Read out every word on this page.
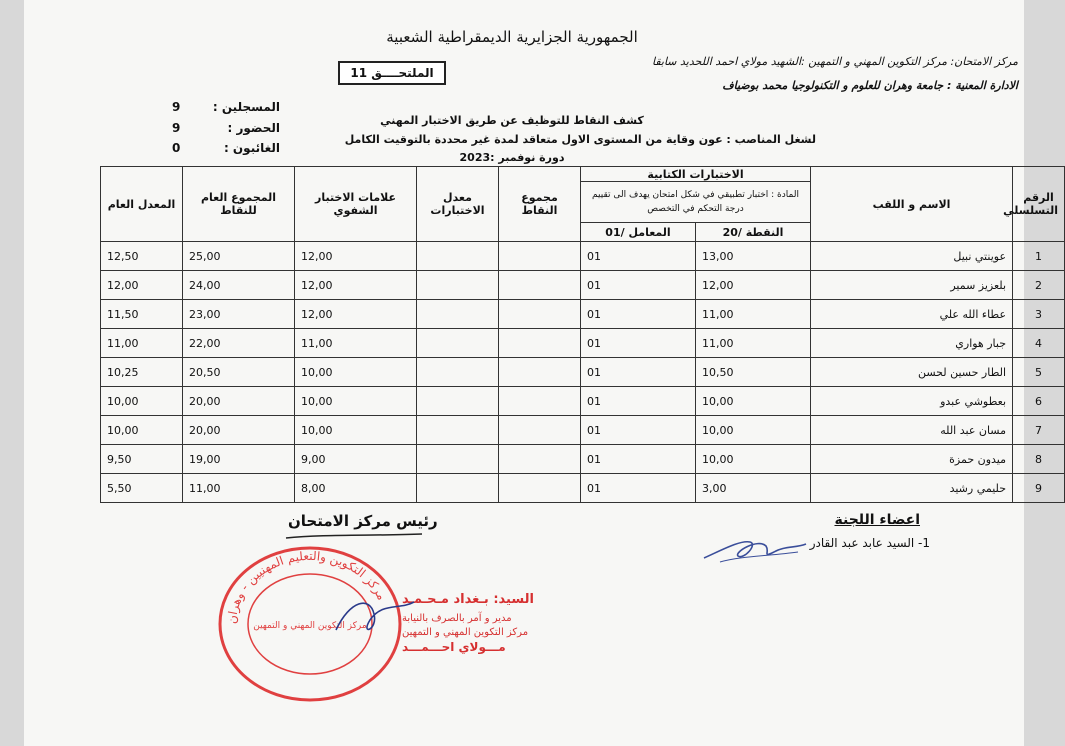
الجمهورية الجزايرية الديمقراطية الشعبية
مركز الامتحان: مركز التكوين المهني و التمهين :الشهيد مولاي احمد اللحديد سابقا
الادارة المعنية : جامعة وهران للعلوم و التكنولوجيا محمد بوضياف
الملتحــــق 11
المسجلين :
9
الحضور :
9
الغائبون :
0
كشف النقاط للتوظيف عن طريق الاختبار المهني
لشغل المناصب : عون وقاية من المستوى الاول متعاقد لمدة غير محددة بالتوقيت الكامل
دورة نوفمبر :2023
المعدل العام	المجموع العام للنقاط	علامات الاختبار الشفوي	معدل الاختبارات	مجموع النقاط	الاختبارات الكتابية		الاسم و اللقب	الرقم التسلسلي
					المادة : اختبار تطبيقي في شكل امتحان يهدف الى تقييم درجة التحكم في التخصص			
					المعامل /01	النقطة /20		
12,50	25,00	12,00			01	13,00	عوينتي نبيل	1
12,00	24,00	12,00			01	12,00	بلعزيز سمير	2
11,50	23,00	12,00			01	11,00	عطاء الله علي	3
11,00	22,00	11,00			01	11,00	جبار هواري	4
10,25	20,50	10,00			01	10,50	الطار حسين لحسن	5
10,00	20,00	10,00			01	10,00	بعطوشي عبدو	6
10,00	20,00	10,00			01	10,00	مسان عبد الله	7
9,50	19,00	9,00			01	10,00	ميدون حمزة	8
5,50	11,00	8,00			01	3,00	حليمي رشيد	9
اعضاء اللجنة
1- السيد عابد عبد القادر
رئيس مركز الامتحان
مركز التكوين والتعليم المهنيين - وهران
مركز التكوين المهني و التمهين
السيد: بـغداد مـحـمـد
مدير و آمر بالصرف بالنيابة
مركز التكوين المهني و التمهين
مـــولاي احـــمـــد
